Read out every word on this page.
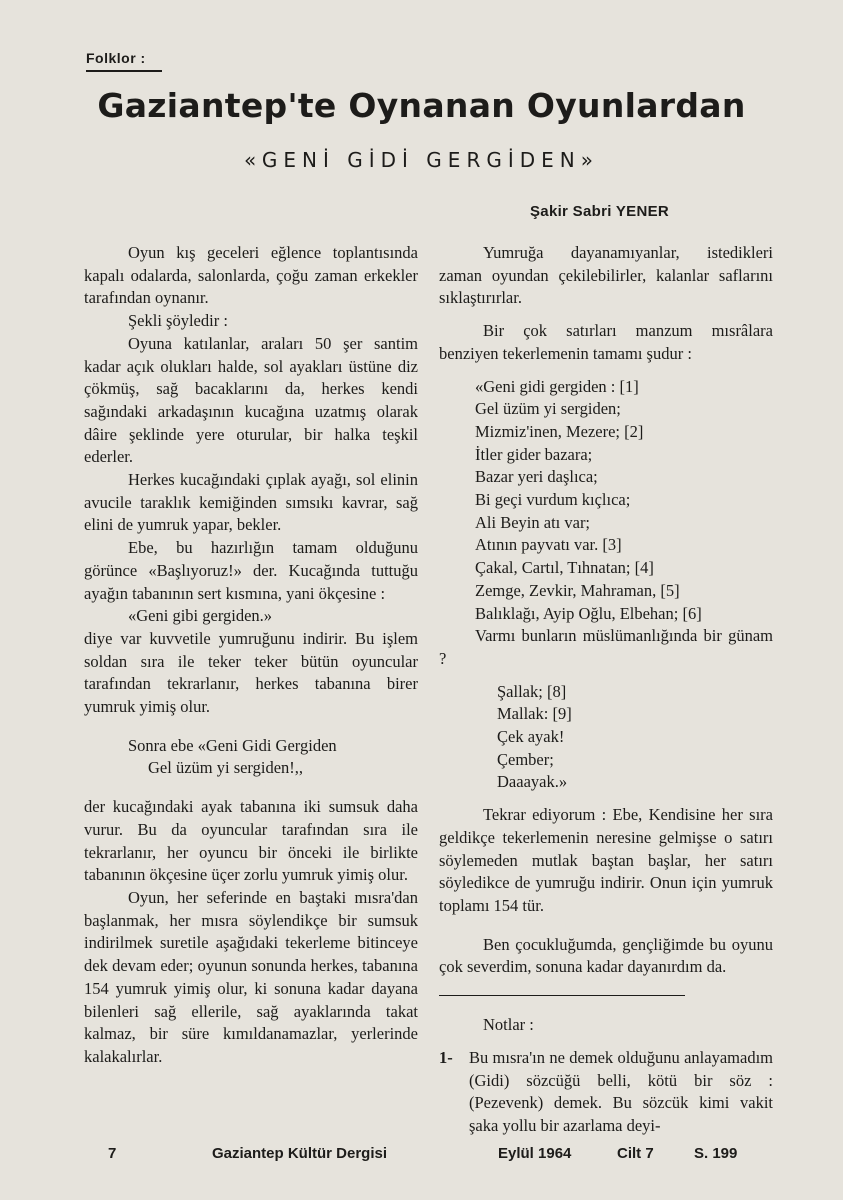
Folklor :
Gaziantep'te Oynanan Oyunlardan
«GENİ GİDİ GERGİDEN»
Şakir Sabri YENER

Oyun kış geceleri eğlence toplantısında kapalı odalarda, salonlarda, çoğu zaman erkekler tarafından oynanır.

Şekli şöyledir :

Oyuna katılanlar, araları 50 şer santim kadar açık olukları halde, sol ayakları üstüne diz çökmüş, sağ bacaklarını da, herkes kendi sağındaki arkadaşının kucağına uzatmış olarak dâire şeklinde yere oturular, bir halka teşkil ederler.

Herkes kucağındaki çıplak ayağı, sol elinin avucile taraklık kemiğinden sımsıkı kavrar, sağ elini de yumruk yapar, bekler.

Ebe, bu hazırlığın tamam olduğunu görünce «Başlıyoruz!» der. Kucağında tuttuğu ayağın tabanının sert kısmına, yani ökçesine :

«Geni gibi gergiden.»

diye var kuvvetile yumruğunu indirir. Bu işlem soldan sıra ile teker teker bütün oyuncular tarafından tekrarlanır, herkes tabanına birer yumruk yimiş olur.

Sonra ebe «Geni Gidi Gergiden

Gel üzüm yi sergiden!,,

der kucağındaki ayak tabanına iki sumsuk daha vurur. Bu da oyuncular tarafından sıra ile tekrarlanır, her oyuncu bir önceki ile birlikte tabanının ökçesine üçer zorlu yumruk yimiş olur.

Oyun, her seferinde en baştaki mısra'dan başlanmak, her mısra söylendikçe bir sumsuk indirilmek suretile aşağıdaki tekerleme bitinceye dek devam eder; oyunun sonunda herkes, tabanına 154 yumruk yimiş olur, ki sonuna kadar dayana bilenleri sağ ellerile, sağ ayaklarında takat kalmaz, bir süre kımıldanamazlar, yerlerinde kalakalırlar.

Yumruğa dayanamıyanlar, istedikleri zaman oyundan çekilebilirler, kalanlar saflarını sıklaştırırlar.

Bir çok satırları manzum mısrâlara benziyen tekerlemenin tamamı şudur :

«Geni gidi gergiden : [1]

Gel üzüm yi sergiden;

Mizmiz'inen, Mezere; [2]

İtler gider bazara;

Bazar yeri daşlıca;

Bi geçi vurdum kıçlıca;

Ali Beyin atı var;

Atının payvatı var. [3]

Çakal, Cartıl, Tıhnatan; [4]

Zemge, Zevkir, Mahraman, [5]

Balıklağı, Ayip Oğlu, Elbehan; [6]

Varmı bunların müslümanlığında bir günam ?

Şallak; [8]

Mallak: [9]

Çek ayak!

Çember;

Daaayak.»

Tekrar ediyorum : Ebe, Kendisine her sıra geldikçe tekerlemenin neresine gelmişse o satırı söylemeden mutlak baştan başlar, her satırı söyledikce de yumruğu indirir. Onun için yumruk toplamı 154 tür.

Ben çocukluğumda, gençliğimde bu oyunu çok severdim, sonuna kadar dayanırdım da.

Notlar :

1- Bu mısra'ın ne demek olduğunu anlayamadım (Gidi) sözcüğü belli, kötü bir söz : (Pezevenk) demek. Bu sözcük kimi vakit şaka yollu bir azarlama deyi-
7	Gaziantep Kültür Dergisi	Eylül 1964	Cilt 7	S. 199
